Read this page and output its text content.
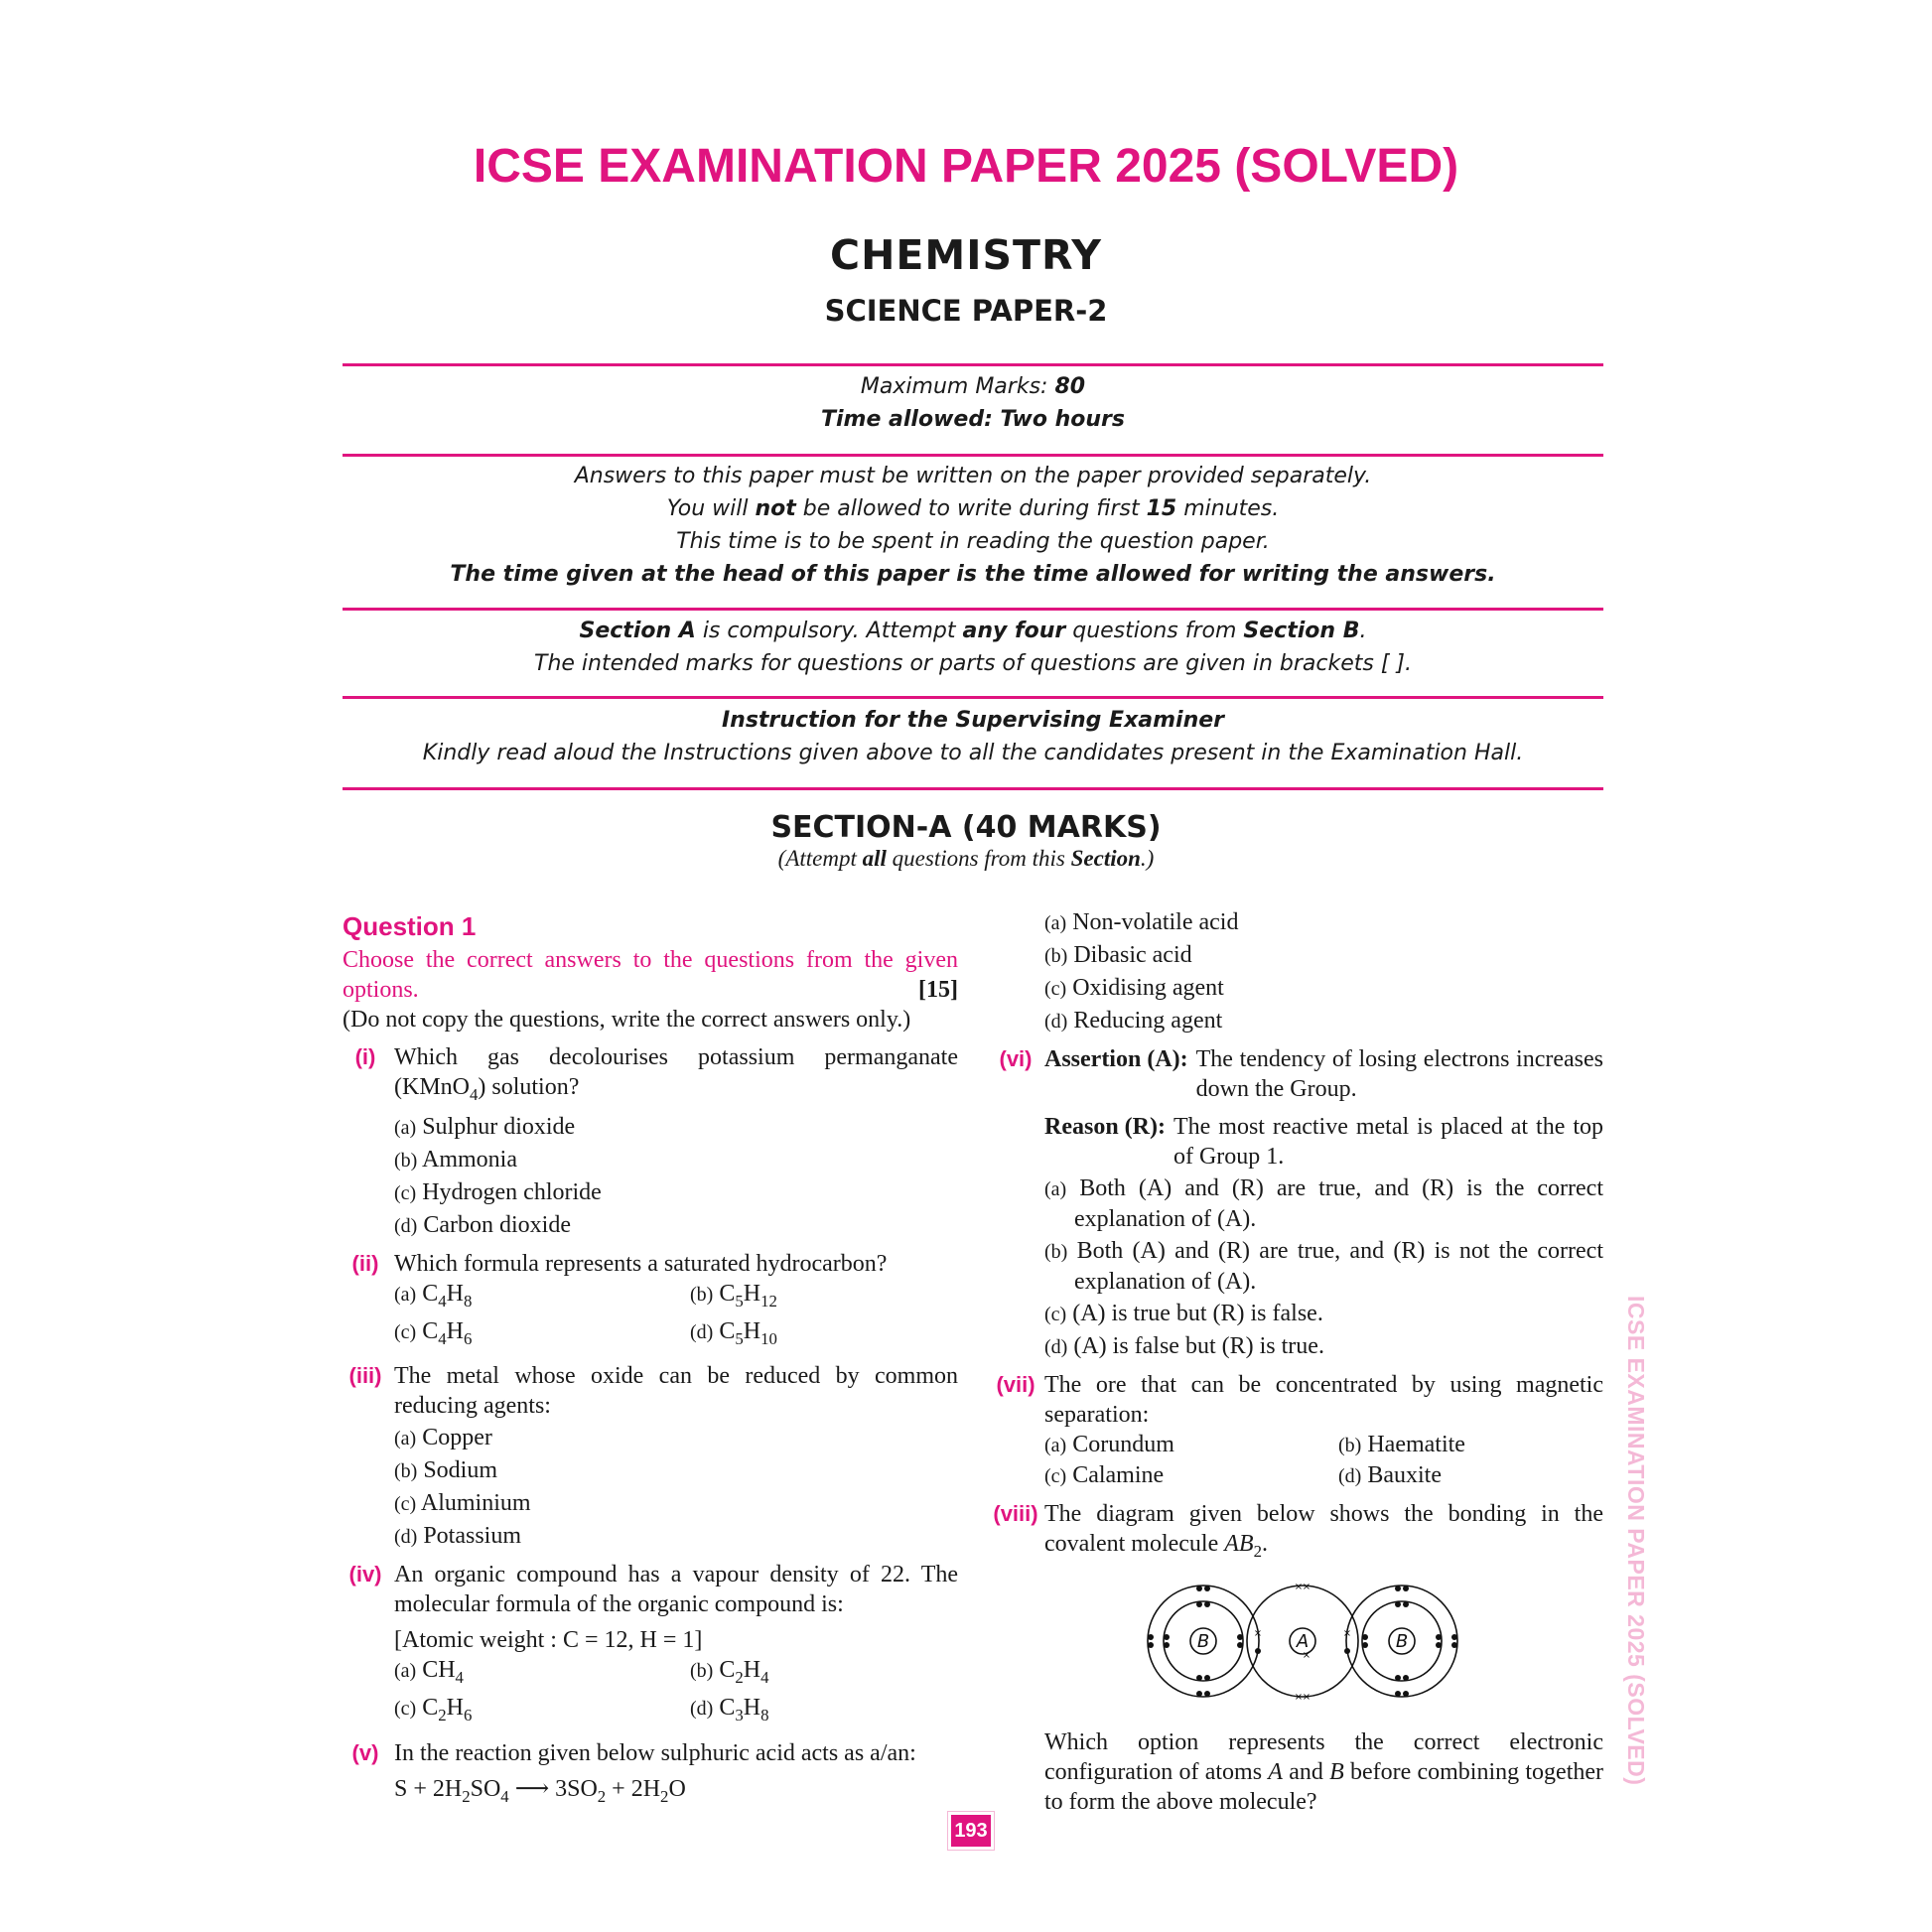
ICSE EXAMINATION PAPER 2025 (SOLVED)
CHEMISTRY
SCIENCE PAPER-2
Maximum Marks: 80
Time allowed: Two hours
Answers to this paper must be written on the paper provided separately.
You will not be allowed to write during first 15 minutes.
This time is to be spent in reading the question paper.
The time given at the head of this paper is the time allowed for writing the answers.
Section A is compulsory. Attempt any four questions from Section B.
The intended marks for questions or parts of questions are given in brackets [ ].
Instruction for the Supervising Examiner
Kindly read aloud the Instructions given above to all the candidates present in the Examination Hall.
SECTION-A (40 MARKS)
(Attempt all questions from this Section.)
Question 1
Choose the correct answers to the questions from the given options.	[15]
(Do not copy the questions, write the correct answers only.)
(i) Which gas decolourises potassium permanganate (KMnO$_4$) solution?
(a) Sulphur dioxide
(b) Ammonia
(c) Hydrogen chloride
(d) Carbon dioxide
(ii) Which formula represents a saturated hydrocarbon?
(a) $C_4H_8$	(b) $C_5H_{12}$
(c) $C_4H_6$	(d) $C_5H_{10}$
(iii) The metal whose oxide can be reduced by common reducing agents:
(a) Copper
(b) Sodium
(c) Aluminium
(d) Potassium
(iv) An organic compound has a vapour density of 22. The molecular formula of the organic compound is:
[Atomic weight : C = 12, H = 1]
(a) $CH_4$	(b) $C_2H_4$
(c) $C_2H_6$	(d) $C_3H_8$
(v) In the reaction given below sulphuric acid acts as a/an:
$S + 2H_2SO_4$ ⟶ $3SO_2 + 2H_2O$
(a) Non-volatile acid
(b) Dibasic acid
(c) Oxidising agent
(d) Reducing agent
(vi) Assertion (A): The tendency of losing electrons increases down the Group.
Reason (R): The most reactive metal is placed at the top of Group 1.
(a) Both (A) and (R) are true, and (R) is the correct explanation of (A).
(b) Both (A) and (R) are true, and (R) is not the correct explanation of (A).
(c) (A) is true but (R) is false.
(d) (A) is false but (R) is true.
(vii) The ore that can be concentrated by using magnetic separation:
(a) Corundum	(b) Haematite
(c) Calamine	(d) Bauxite
(viii) The diagram given below shows the bonding in the covalent molecule $AB_2$.
× ×
× ×
×	×
×
B	A	B
Which option represents the correct electronic configuration of atoms A and B before combining together to form the above molecule?
ICSE EXAMINATION PAPER 2025 (SOLVED)
193
